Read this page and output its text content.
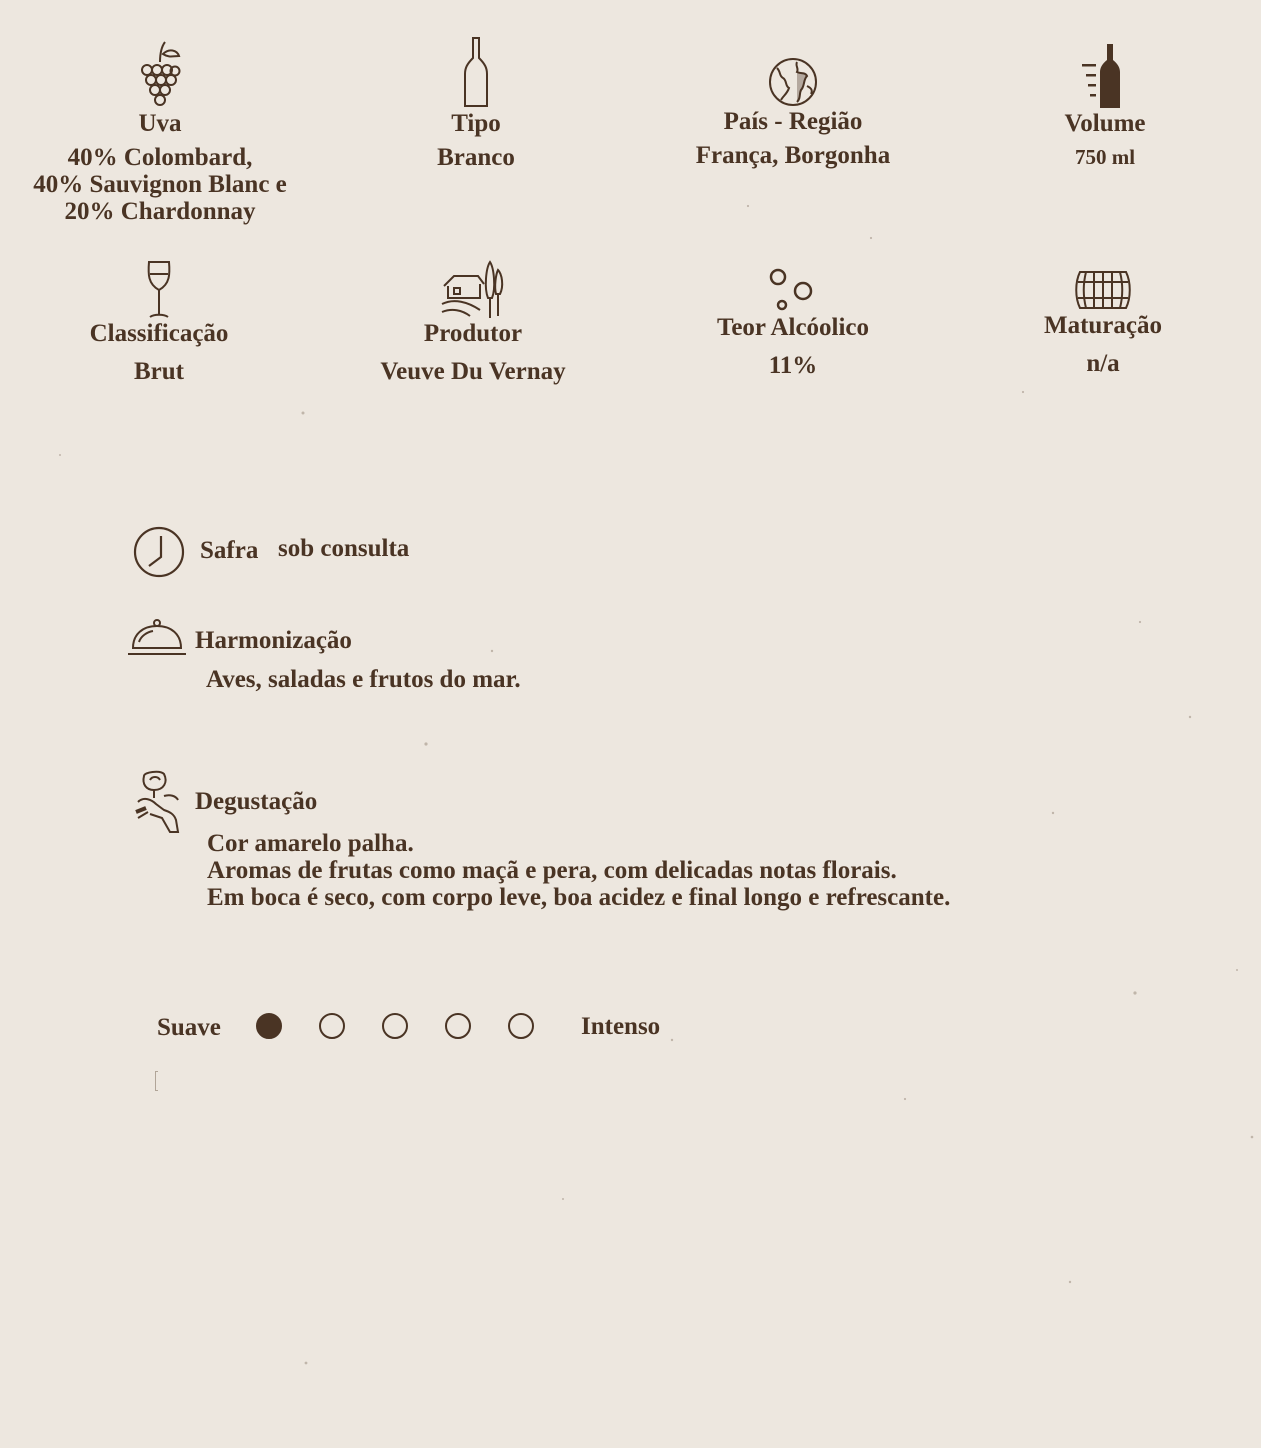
Uva
40% Colombard,
40% Sauvignon Blanc e
20% Chardonnay
Tipo
Branco
País - Região
França, Borgonha
Volume
750 ml
Classificação
Brut
Produtor
Veuve Du Vernay
Teor Alcóolico
11%
Maturação
n/a
Safra sob consulta
Harmonização
Aves, saladas e frutos do mar.
Degustação
Cor amarelo palha.
Aromas de frutas como maçã e pera, com delicadas notas florais.
Em boca é seco, com corpo leve, boa acidez e final longo e refrescante.
Suave	Intenso
